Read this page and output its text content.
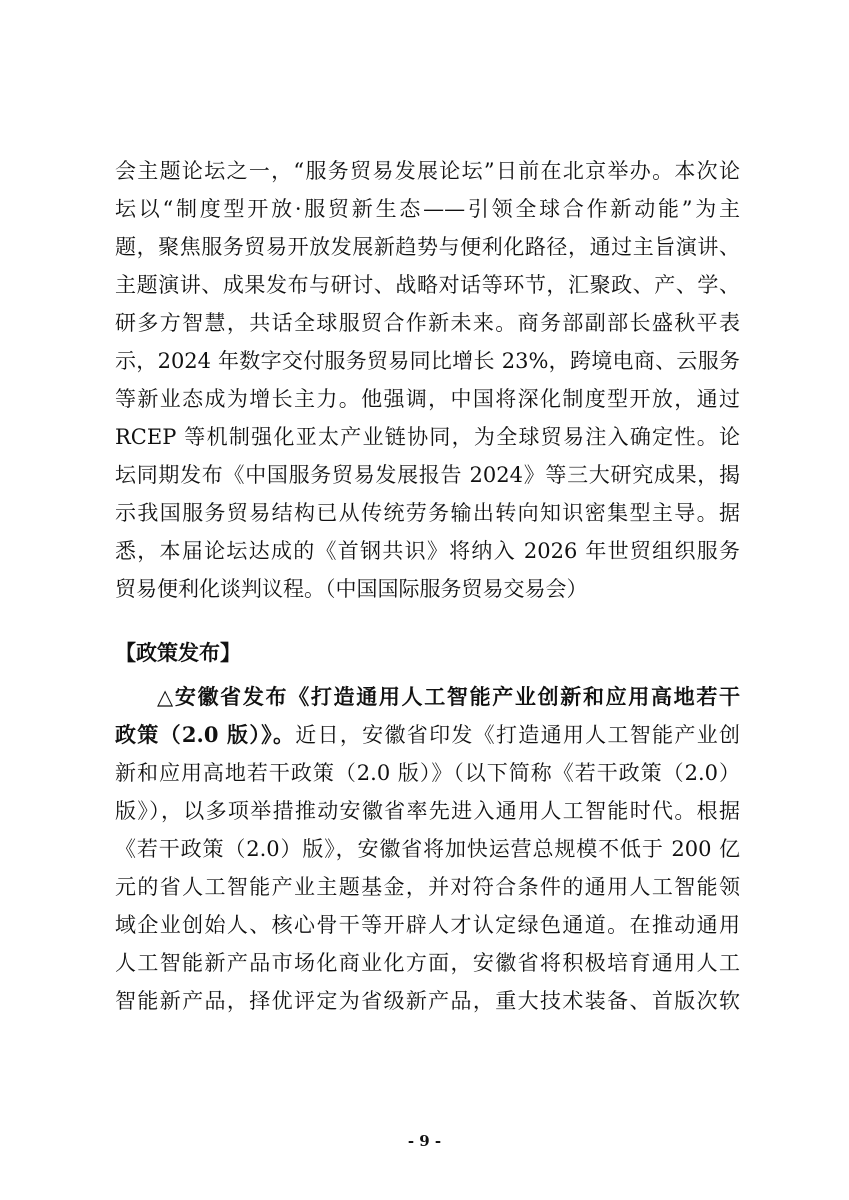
会主题论坛之一，“服务贸易发展论坛”日前在北京举办。本次论
坛以“制度型开放·服贸新生态——引领全球合作新动能”为主
题，聚焦服务贸易开放发展新趋势与便利化路径，通过主旨演讲、
主题演讲、成果发布与研讨、战略对话等环节，汇聚政、产、学、
研多方智慧，共话全球服贸合作新未来。商务部副部长盛秋平表
示，2024 年数字交付服务贸易同比增长 23%，跨境电商、云服务
等新业态成为增长主力。他强调，中国将深化制度型开放，通过
RCEP 等机制强化亚太产业链协同，为全球贸易注入确定性。论
坛同期发布《中国服务贸易发展报告 2024》等三大研究成果，揭
示我国服务贸易结构已从传统劳务输出转向知识密集型主导。据
悉，本届论坛达成的《首钢共识》将纳入 2026 年世贸组织服务
贸易便利化谈判议程。（中国国际服务贸易交易会）
【政策发布】
△安徽省发布《打造通用人工智能产业创新和应用高地若干
政策（2.0 版）》。近日，安徽省印发《打造通用人工智能产业创
新和应用高地若干政策（2.0 版）》（以下简称《若干政策（2.0）
版》），以多项举措推动安徽省率先进入通用人工智能时代。根据
《若干政策（2.0）版》，安徽省将加快运营总规模不低于 200 亿
元的省人工智能产业主题基金，并对符合条件的通用人工智能领
域企业创始人、核心骨干等开辟人才认定绿色通道。在推动通用
人工智能新产品市场化商业化方面，安徽省将积极培育通用人工
智能新产品，择优评定为省级新产品，重大技术装备、首版次软
- 9 -
